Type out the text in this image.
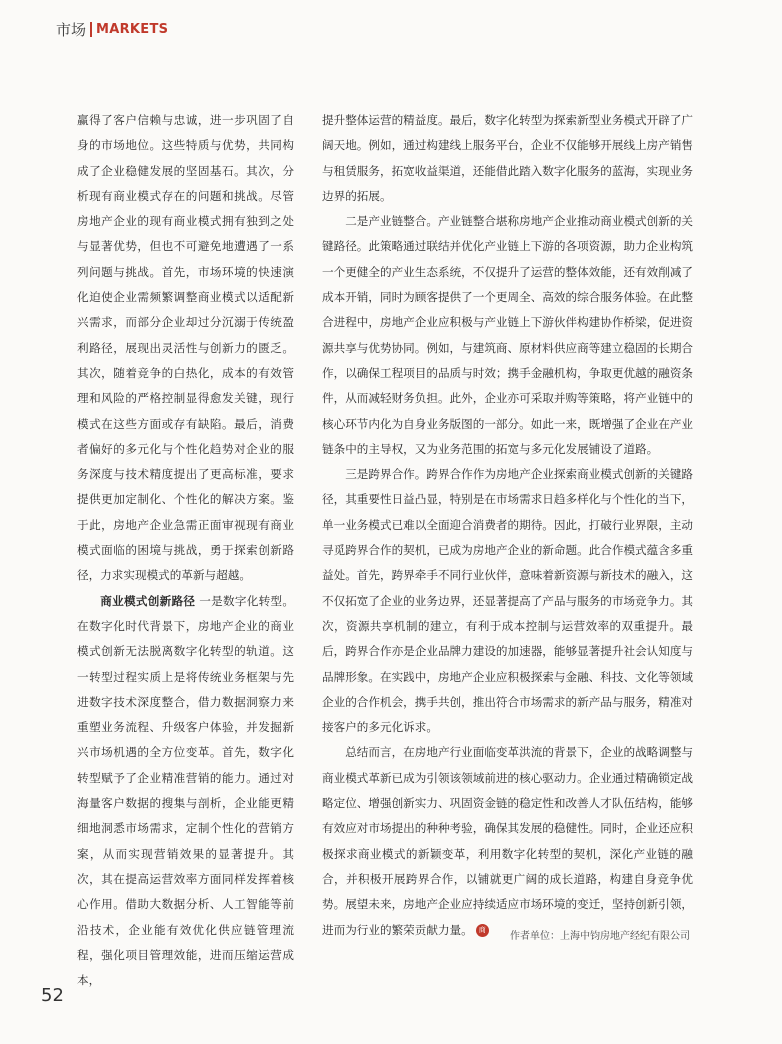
市场 MARKETS

赢得了客户信赖与忠诚，进一步巩固了自身的市场地位。这些特质与优势，共同构成了企业稳健发展的坚固基石。其次，分析现有商业模式存在的问题和挑战。尽管房地产企业的现有商业模式拥有独到之处与显著优势，但也不可避免地遭遇了一系列问题与挑战。首先，市场环境的快速演化迫使企业需频繁调整商业模式以适配新兴需求，而部分企业却过分沉溺于传统盈利路径，展现出灵活性与创新力的匮乏。其次，随着竞争的白热化，成本的有效管理和风险的严格控制显得愈发关键，现行模式在这些方面或存有缺陷。最后，消费者偏好的多元化与个性化趋势对企业的服务深度与技术精度提出了更高标准，要求提供更加定制化、个性化的解决方案。鉴于此，房地产企业急需正面审视现有商业模式面临的困境与挑战，勇于探索创新路径，力求实现模式的革新与超越。

商业模式创新路径 一是数字化转型。在数字化时代背景下，房地产企业的商业模式创新无法脱离数字化转型的轨道。这一转型过程实质上是将传统业务框架与先进数字技术深度整合，借力数据洞察力来重塑业务流程、升级客户体验，并发掘新兴市场机遇的全方位变革。首先，数字化转型赋予了企业精准营销的能力。通过对海量客户数据的搜集与剖析，企业能更精细地洞悉市场需求，定制个性化的营销方案，从而实现营销效果的显著提升。其次，其在提高运营效率方面同样发挥着核心作用。借助大数据分析、人工智能等前沿技术，企业能有效优化供应链管理流程，强化项目管理效能，进而压缩运营成本，

提升整体运营的精益度。最后，数字化转型为探索新型业务模式开辟了广阔天地。例如，通过构建线上服务平台，企业不仅能够开展线上房产销售与租赁服务，拓宽收益渠道，还能借此踏入数字化服务的蓝海，实现业务边界的拓展。

二是产业链整合。产业链整合堪称房地产企业推动商业模式创新的关键路径。此策略通过联结并优化产业链上下游的各项资源，助力企业构筑一个更健全的产业生态系统，不仅提升了运营的整体效能，还有效削减了成本开销，同时为顾客提供了一个更周全、高效的综合服务体验。在此整合进程中，房地产企业应积极与产业链上下游伙伴构建协作桥梁，促进资源共享与优势协同。例如，与建筑商、原材料供应商等建立稳固的长期合作，以确保工程项目的品质与时效；携手金融机构，争取更优越的融资条件，从而减轻财务负担。此外，企业亦可采取并购等策略，将产业链中的核心环节内化为自身业务版图的一部分。如此一来，既增强了企业在产业链条中的主导权，又为业务范围的拓宽与多元化发展铺设了道路。

三是跨界合作。跨界合作作为房地产企业探索商业模式创新的关键路径，其重要性日益凸显，特别是在市场需求日趋多样化与个性化的当下，单一业务模式已难以全面迎合消费者的期待。因此，打破行业界限，主动寻觅跨界合作的契机，已成为房地产企业的新命题。此合作模式蕴含多重益处。首先，跨界牵手不同行业伙伴，意味着新资源与新技术的融入，这不仅拓宽了企业的业务边界，还显著提高了产品与服务的市场竞争力。其次，资源共享机制的建立，有利于成本控制与运营效率的双重提升。最后，跨界合作亦是企业品牌力建设的加速器，能够显著提升社会认知度与品牌形象。在实践中，房地产企业应积极探索与金融、科技、文化等领域企业的合作机会，携手共创，推出符合市场需求的新产品与服务，精准对接客户的多元化诉求。

总结而言，在房地产行业面临变革洪流的背景下，企业的战略调整与商业模式革新已成为引领该领域前进的核心驱动力。企业通过精确锁定战略定位、增强创新实力、巩固资金链的稳定性和改善人才队伍结构，能够有效应对市场提出的种种考验，确保其发展的稳健性。同时，企业还应积极探求商业模式的新颖变革，利用数字化转型的契机，深化产业链的融合，并积极开展跨界合作，以铺就更广阔的成长道路，构建自身竞争优势。展望未来，房地产企业应持续适应市场环境的变迁，坚持创新引领，进而为行业的繁荣贡献力量。 商

作者单位：上海中钧房地产经纪有限公司
52
